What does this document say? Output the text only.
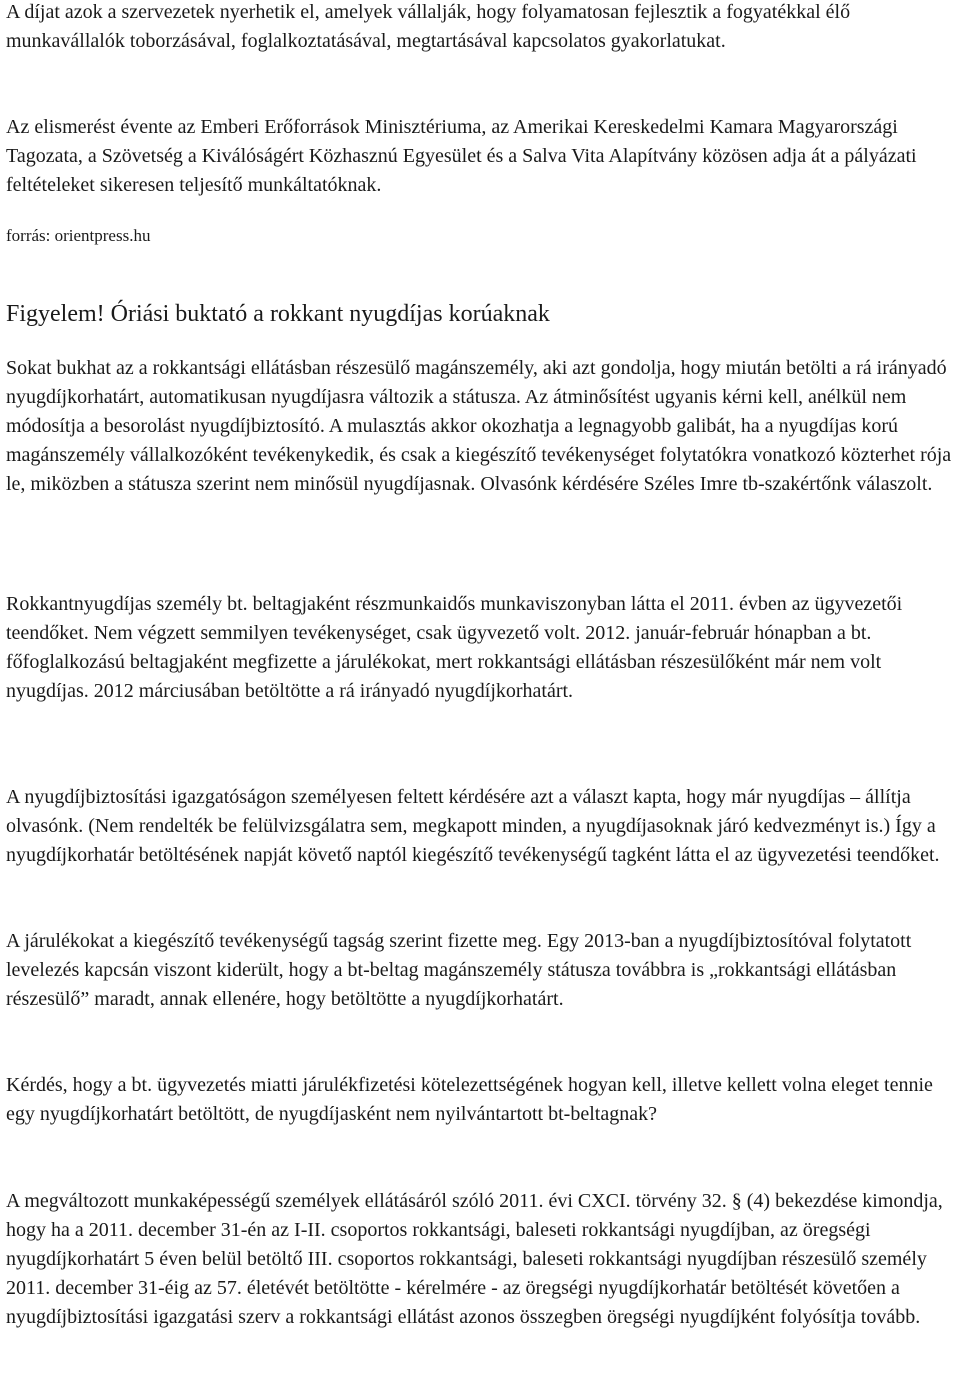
A díjat azok a szervezetek nyerhetik el, amelyek vállalják, hogy folyamatosan fejlesztik a fogyatékkal élő munkavállalók toborzásával, foglalkoztatásával, megtartásával kapcsolatos gyakorlatukat.

Az elismerést évente az Emberi Erőforrások Minisztériuma, az Amerikai Kereskedelmi Kamara Magyarországi Tagozata, a Szövetség a Kiválóságért Közhasznú Egyesület és a Salva Vita Alapítvány közösen adja át a pályázati feltételeket sikeresen teljesítő munkáltatóknak.

forrás: orientpress.hu

Figyelem! Óriási buktató a rokkant nyugdíjas korúaknak

Sokat bukhat az a rokkantsági ellátásban részesülő magánszemély, aki azt gondolja, hogy miután betölti a rá irányadó nyugdíjkorhatárt, automatikusan nyugdíjasra változik a státusza. Az átminősítést ugyanis kérni kell, anélkül nem módosítja a besorolást nyugdíjbiztosító. A mulasztás akkor okozhatja a legnagyobb galibát, ha a nyugdíjas korú magánszemély vállalkozóként tevékenykedik, és csak a kiegészítő tevékenységet folytatókra vonatkozó közterhet rója le, miközben a státusza szerint nem minősül nyugdíjasnak. Olvasónk kérdésére Széles Imre tb-szakértőnk válaszolt.

Rokkantnyugdíjas személy bt. beltagjaként részmunkaidős munkaviszonyban látta el 2011. évben az ügyvezetői teendőket. Nem végzett semmilyen tevékenységet, csak ügyvezető volt. 2012. január-február hónapban a bt. főfoglalkozású beltagjaként megfizette a járulékokat, mert rokkantsági ellátásban részesülőként már nem volt nyugdíjas. 2012 márciusában betöltötte a rá irányadó nyugdíjkorhatárt.

A nyugdíjbiztosítási igazgatóságon személyesen feltett kérdésére azt a választ kapta, hogy már nyugdíjas – állítja olvasónk. (Nem rendelték be felülvizsgálatra sem, megkapott minden, a nyugdíjasoknak járó kedvezményt is.) Így a nyugdíjkorhatár betöltésének napját követő naptól kiegészítő tevékenységű tagként látta el az ügyvezetési teendőket.

A járulékokat a kiegészítő tevékenységű tagság szerint fizette meg. Egy 2013-ban a nyugdíjbiztosítóval folytatott levelezés kapcsán viszont kiderült, hogy a bt-beltag magánszemély státusza továbbra is „rokkantsági ellátásban részesülő” maradt, annak ellenére, hogy betöltötte a nyugdíjkorhatárt.

Kérdés, hogy a bt. ügyvezetés miatti járulékfizetési kötelezettségének hogyan kell, illetve kellett volna eleget tennie egy nyugdíjkorhatárt betöltött, de nyugdíjasként nem nyilvántartott bt-beltagnak?

A megváltozott munkaképességű személyek ellátásáról szóló 2011. évi CXCI. törvény 32. § (4) bekezdése kimondja, hogy ha a 2011. december 31-én az I-II. csoportos rokkantsági, baleseti rokkantsági nyugdíjban, az öregségi nyugdíjkorhatárt 5 éven belül betöltő III. csoportos rokkantsági, baleseti rokkantsági nyugdíjban részesülő személy 2011. december 31-éig az 57. életévét betöltötte - kérelmére - az öregségi nyugdíjkorhatár betöltését követően a nyugdíjbiztosítási igazgatási szerv a rokkantsági ellátást azonos összegben öregségi nyugdíjként folyósítja tovább.
